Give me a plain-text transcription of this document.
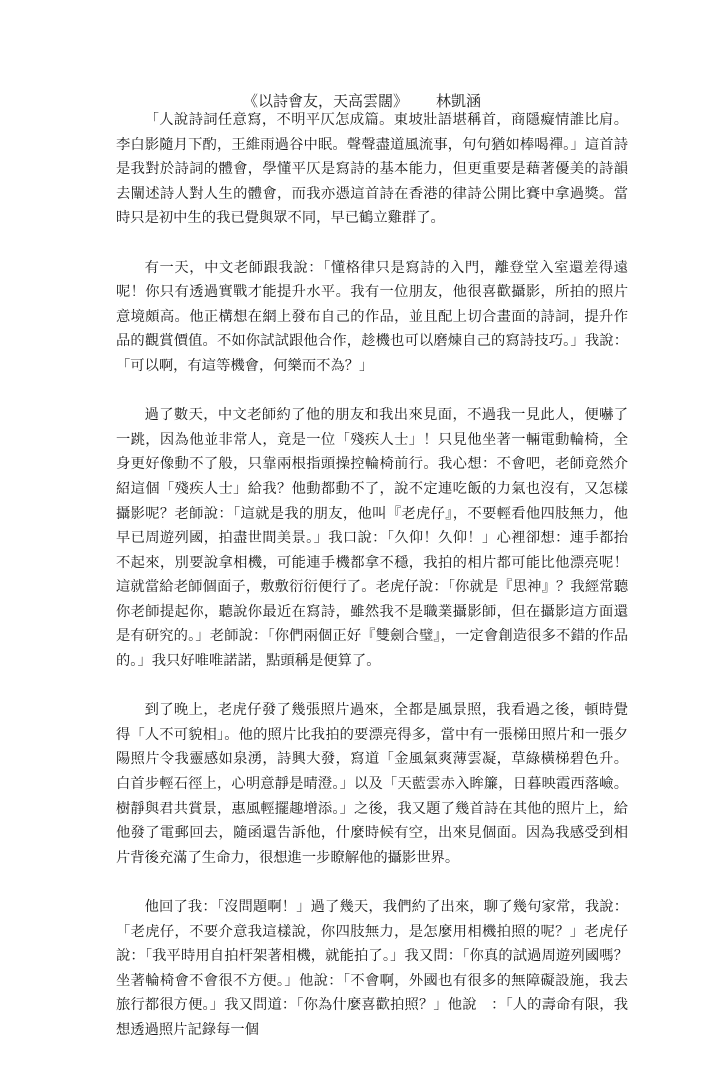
《以詩會友，天高雲闊》 林凱涵

「人說詩詞任意寫，不明平仄怎成篇。東坡壯語堪稱首，商隱癡情誰比肩。李白影隨月下酌，王維雨過谷中眠。聲聲盡道風流事，句句猶如棒喝禪。」這首詩是我對於詩詞的體會，學懂平仄是寫詩的基本能力，但更重要是藉著優美的詩韻去闡述詩人對人生的體會，而我亦憑這首詩在香港的律詩公開比賽中拿過獎。當時只是初中生的我已覺與眾不同，早已鶴立雞群了。

有一天，中文老師跟我說：「懂格律只是寫詩的入門，離登堂入室還差得遠呢！你只有透過實戰才能提升水平。我有一位朋友，他很喜歡攝影，所拍的照片意境頗高。他正構想在網上發布自己的作品，並且配上切合畫面的詩詞，提升作品的觀賞價值。不如你試試跟他合作，趁機也可以磨煉自己的寫詩技巧。」我說：「可以啊，有這等機會，何樂而不為？」

過了數天，中文老師約了他的朋友和我出來見面，不過我一見此人，便嚇了一跳，因為他並非常人，竟是一位「殘疾人士」！只見他坐著一輛電動輪椅，全身更好像動不了般，只靠兩根指頭操控輪椅前行。我心想：不會吧，老師竟然介紹這個「殘疾人士」給我？他動都動不了，說不定連吃飯的力氣也沒有，又怎樣攝影呢？老師說：「這就是我的朋友，他叫『老虎仔』，不要輕看他四肢無力，他早已周遊列國，拍盡世間美景。」我口說：「久仰！久仰！」心裡卻想：連手都抬不起來，別要說拿相機，可能連手機都拿不穩，我拍的相片都可能比他漂亮呢！這就當給老師個面子，敷敷衍衍便行了。老虎仔說：「你就是『思神』？我經常聽你老師提起你，聽說你最近在寫詩，雖然我不是職業攝影師，但在攝影這方面還是有研究的。」老師說：「你們兩個正好『雙劍合璧』，一定會創造很多不錯的作品的。」我只好唯唯諾諾，點頭稱是便算了。

到了晚上，老虎仔發了幾張照片過來，全都是風景照，我看過之後，頓時覺得「人不可貌相」。他的照片比我拍的要漂亮得多，當中有一張梯田照片和一張夕陽照片令我靈感如泉湧，詩興大發，寫道「金風氣爽薄雲凝，草綠橫梯碧色升。白首步輕石徑上，心明意靜是晴澄。」以及「天藍雲赤入眸簾，日暮映霞西落嶮。樹靜與君共賞景，惠風輕擺趣增添。」之後，我又題了幾首詩在其他的照片上，給他發了電郵回去，隨函還告訴他，什麼時候有空，出來見個面。因為我感受到相片背後充滿了生命力，很想進一步瞭解他的攝影世界。

他回了我：「沒問題啊！」過了幾天，我們約了出來，聊了幾句家常，我說：「老虎仔，不要介意我這樣說，你四肢無力，是怎麼用相機拍照的呢？」老虎仔說：「我平時用自拍杆架著相機，就能拍了。」我又問：「你真的試過周遊列國嗎？坐著輪椅會不會很不方便。」他說：「不會啊，外國也有很多的無障礙設施，我去旅行都很方便。」我又問道：「你為什麼喜歡拍照？」他說　：「人的壽命有限，我想透過照片記錄每一個
